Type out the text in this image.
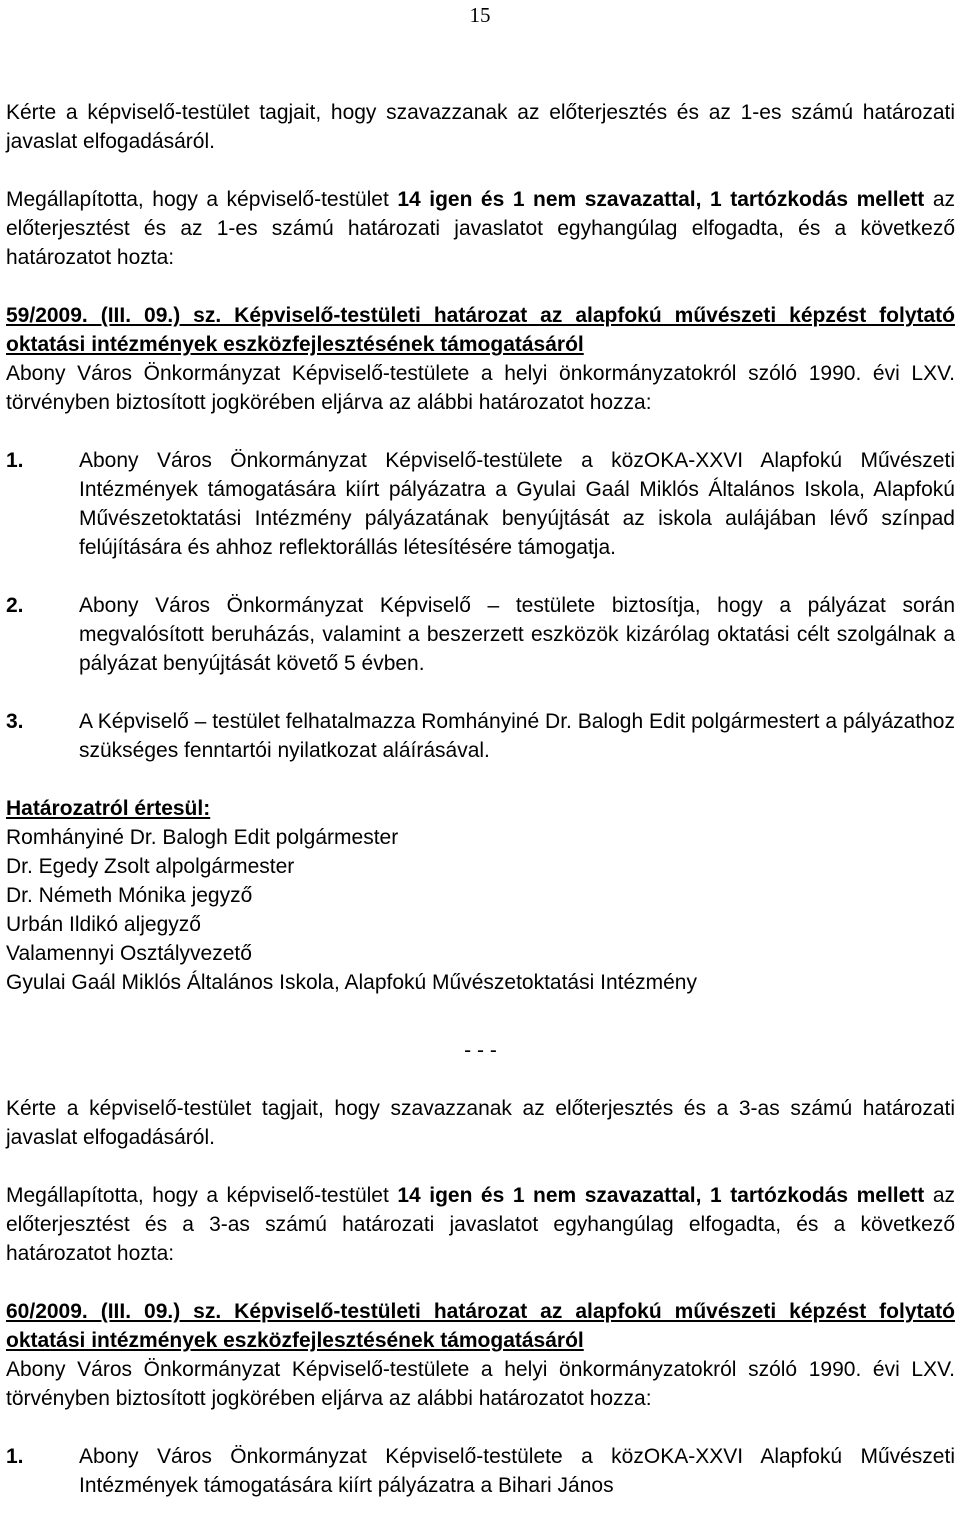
15

Kérte a képviselő-testület tagjait, hogy szavazzanak az előterjesztés és az 1-es számú határozati javaslat elfogadásáról.

Megállapította, hogy a képviselő-testület 14 igen és 1 nem szavazattal, 1 tartózkodás mellett az előterjesztést és az 1-es számú határozati javaslatot egyhangúlag elfogadta, és a következő határozatot hozta:

59/2009. (III. 09.) sz. Képviselő-testületi határozat az alapfokú művészeti képzést folytató oktatási intézmények eszközfejlesztésének támogatásáról

Abony Város Önkormányzat Képviselő-testülete a helyi önkormányzatokról szóló 1990. évi LXV. törvényben biztosított jogkörében eljárva az alábbi határozatot hozza:

1.	Abony Város Önkormányzat Képviselő-testülete a közOKA-XXVI Alapfokú Művészeti Intézmények támogatására kiírt pályázatra a Gyulai Gaál Miklós Általános Iskola, Alapfokú Művészetoktatási Intézmény pályázatának benyújtását az iskola aulájában lévő színpad felújítására és ahhoz reflektorállás létesítésére támogatja.
2.	Abony Város Önkormányzat Képviselő – testülete biztosítja, hogy a pályázat során megvalósított beruházás, valamint a beszerzett eszközök kizárólag oktatási célt szolgálnak a pályázat benyújtását követő 5 évben.
3.	A Képviselő – testület felhatalmazza Romhányiné Dr. Balogh Edit polgármestert a pályázathoz szükséges fenntartói nyilatkozat aláírásával.

Határozatról értesül:

Romhányiné Dr. Balogh Edit polgármester

Dr. Egedy Zsolt alpolgármester

Dr. Németh Mónika jegyző

Urbán Ildikó aljegyző

Valamennyi Osztályvezető

Gyulai Gaál Miklós Általános Iskola, Alapfokú Művészetoktatási Intézmény

- - -

Kérte a képviselő-testület tagjait, hogy szavazzanak az előterjesztés és a 3-as számú határozati javaslat elfogadásáról.

Megállapította, hogy a képviselő-testület 14 igen és 1 nem szavazattal, 1 tartózkodás mellett az előterjesztést és a 3-as számú határozati javaslatot egyhangúlag elfogadta, és a következő határozatot hozta:

60/2009. (III. 09.) sz. Képviselő-testületi határozat az alapfokú művészeti képzést folytató oktatási intézmények eszközfejlesztésének támogatásáról

Abony Város Önkormányzat Képviselő-testülete a helyi önkormányzatokról szóló 1990. évi LXV. törvényben biztosított jogkörében eljárva az alábbi határozatot hozza:

1.	Abony Város Önkormányzat Képviselő-testülete a közOKA-XXVI Alapfokú Művészeti Intézmények támogatására kiírt pályázatra a Bihari János
